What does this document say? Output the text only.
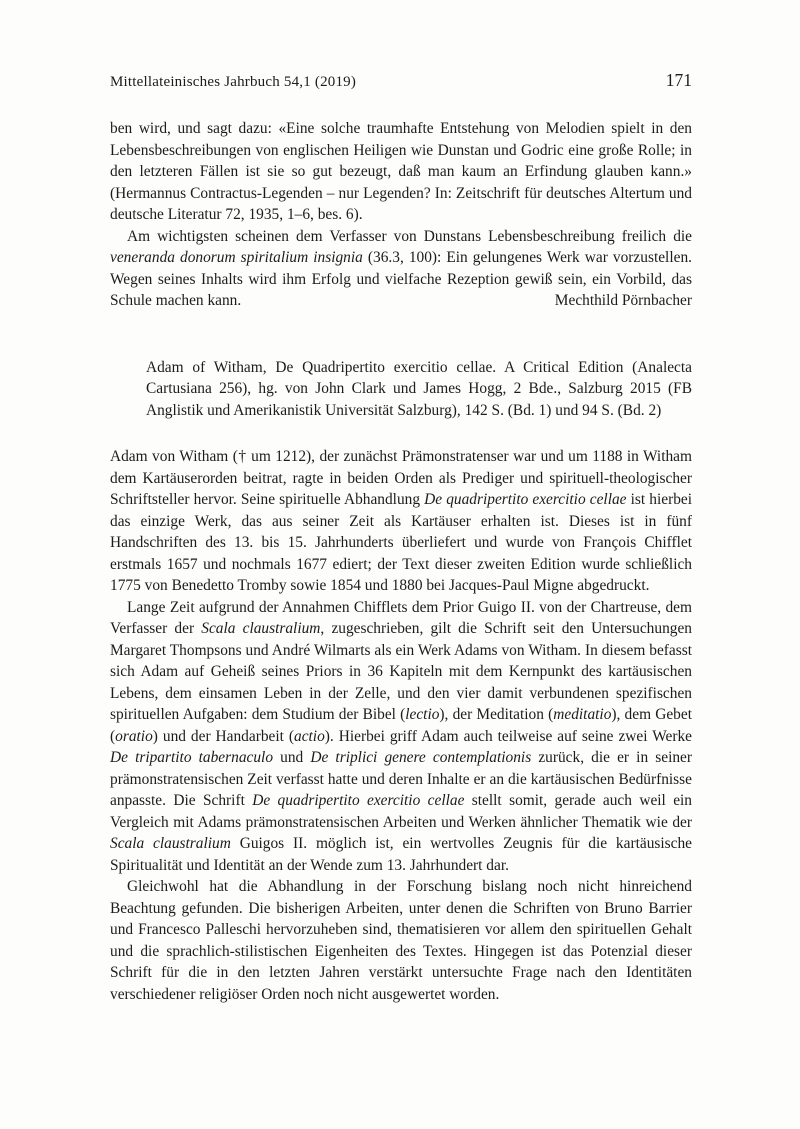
Mittellateinisches Jahrbuch 54,1 (2019)	171

ben wird, und sagt dazu: «Eine solche traumhafte Entstehung von Melodien spielt in den Lebensbeschreibungen von englischen Heiligen wie Dunstan und Godric eine große Rolle; in den letzteren Fällen ist sie so gut bezeugt, daß man kaum an Erfindung glauben kann.» (Hermannus Contractus-Legenden – nur Legenden? In: Zeitschrift für deutsches Altertum und deutsche Literatur 72, 1935, 1–6, bes. 6).

Am wichtigsten scheinen dem Verfasser von Dunstans Lebensbeschreibung freilich die veneranda donorum spiritalium insignia (36.3, 100): Ein gelungenes Werk war vorzustellen. Wegen seines Inhalts wird ihm Erfolg und vielfache Rezeption gewiß sein, ein Vorbild, das Schule machen kann.	Mechthild Pörnbacher

Adam of Witham, De Quadripertito exercitio cellae. A Critical Edition (Analecta Cartusiana 256), hg. von John Clark und James Hogg, 2 Bde., Salzburg 2015 (FB Anglistik und Amerikanistik Universität Salzburg), 142 S. (Bd. 1) und 94 S. (Bd. 2)

Adam von Witham († um 1212), der zunächst Prämonstratenser war und um 1188 in Witham dem Kartäuserorden beitrat, ragte in beiden Orden als Prediger und spirituell-theologischer Schriftsteller hervor. Seine spirituelle Abhandlung De quadripertito exercitio cellae ist hierbei das einzige Werk, das aus seiner Zeit als Kartäuser erhalten ist. Dieses ist in fünf Handschriften des 13. bis 15. Jahrhunderts überliefert und wurde von François Chifflet erstmals 1657 und nochmals 1677 ediert; der Text dieser zweiten Edition wurde schließlich 1775 von Benedetto Tromby sowie 1854 und 1880 bei Jacques-Paul Migne abgedruckt.

Lange Zeit aufgrund der Annahmen Chifflets dem Prior Guigo II. von der Chartreuse, dem Verfasser der Scala claustralium, zugeschrieben, gilt die Schrift seit den Untersuchungen Margaret Thompsons und André Wilmarts als ein Werk Adams von Witham. In diesem befasst sich Adam auf Geheiß seines Priors in 36 Kapiteln mit dem Kernpunkt des kartäusischen Lebens, dem einsamen Leben in der Zelle, und den vier damit verbundenen spezifischen spirituellen Aufgaben: dem Studium der Bibel (lectio), der Meditation (meditatio), dem Gebet (oratio) und der Handarbeit (actio). Hierbei griff Adam auch teilweise auf seine zwei Werke De tripartito tabernaculo und De triplici genere contemplationis zurück, die er in seiner prämonstratensischen Zeit verfasst hatte und deren Inhalte er an die kartäusischen Bedürfnisse anpasste. Die Schrift De quadripertito exercitio cellae stellt somit, gerade auch weil ein Vergleich mit Adams prämonstratensischen Arbeiten und Werken ähnlicher Thematik wie der Scala claustralium Guigos II. möglich ist, ein wertvolles Zeugnis für die kartäusische Spiritualität und Identität an der Wende zum 13. Jahrhundert dar.

Gleichwohl hat die Abhandlung in der Forschung bislang noch nicht hinreichend Beachtung gefunden. Die bisherigen Arbeiten, unter denen die Schriften von Bruno Barrier und Francesco Palleschi hervorzuheben sind, thematisieren vor allem den spirituellen Gehalt und die sprachlich-stilistischen Eigenheiten des Textes. Hingegen ist das Potenzial dieser Schrift für die in den letzten Jahren verstärkt untersuchte Frage nach den Identitäten verschiedener religiöser Orden noch nicht ausgewertet worden.
